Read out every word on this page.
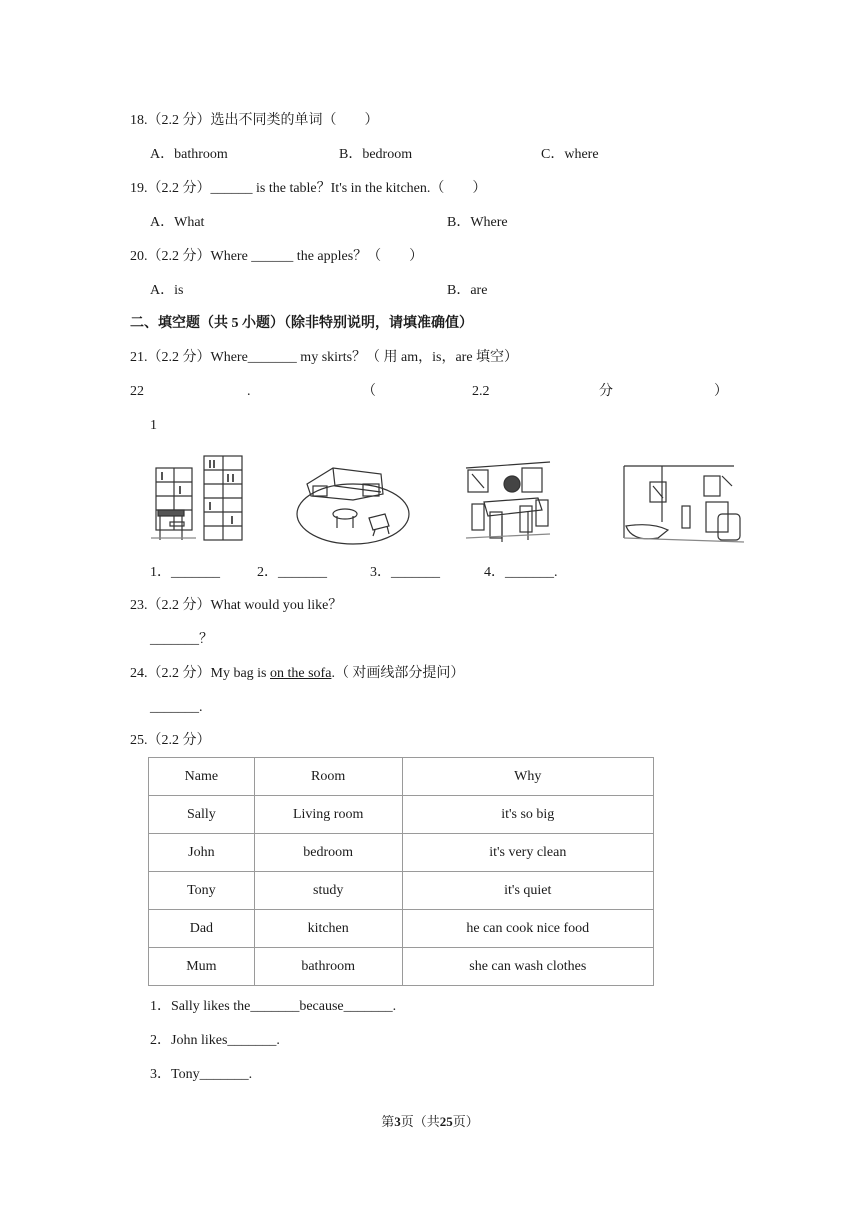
18.（2.2 分）选出不同类的单词（　　）
A．bathroom	B．bedroom	C．where
19.（2.2 分）______ is the table？It's in the kitchen.（　　）
A．What	B．Where
20.（2.2 分）Where ______ the apples？（　　）
A．is	B．are
二、填空题（共 5 小题）（除非特别说明，请填准确值）
21.（2.2 分）Where_______ my skirts？（ 用 am，is，are 填空）
22	.	（	2.2	分	）
1
1．_______	2．_______	3．_______	4．_______.
23.（2.2 分）What would you like？
_______？
24.（2.2 分）My bag is on the sofa.（ 对画线部分提问）
_______.
25.（2.2 分）
Name	Room	Why
Sally	Living room	it's so big
John	bedroom	it's very clean
Tony	study	it's quiet
Dad	kitchen	he can cook nice food
Mum	bathroom	she can wash clothes
1．Sally likes the_______because_______.
2．John likes_______.
3．Tony_______.
第3页（共25页）
